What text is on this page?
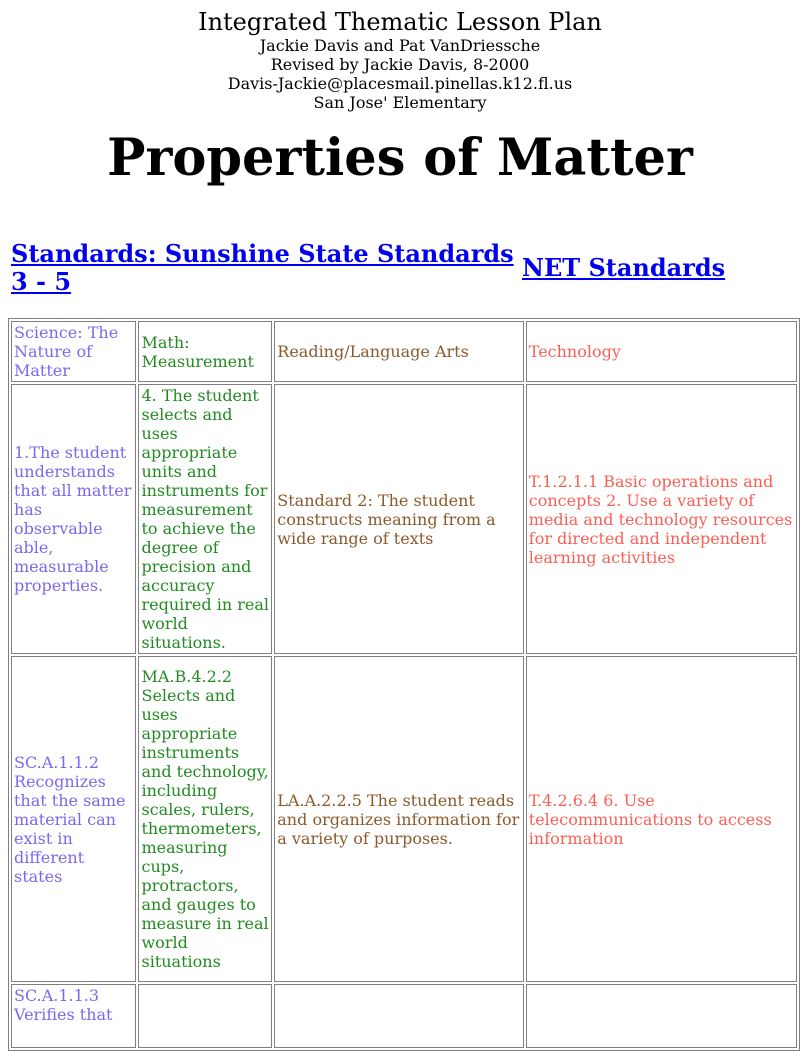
Integrated Thematic Lesson Plan
Jackie Davis and Pat VanDriessche
Revised by Jackie Davis, 8-2000
Davis-Jackie@placesmail.pinellas.k12.fl.us
San Jose' Elementary
Properties of Matter
Standards: Sunshine State Standards 3 - 5	NET Standards
Science: The Nature of Matter	Math: Measurement	Reading/Language Arts	Technology
1.The student understands that all matter has observable able, measurable properties.	4. The student selects and uses appropriate units and instruments for measurement to achieve the degree of precision and accuracy required in real world situations.	Standard 2: The student constructs meaning from a wide range of texts	T.1.2.1.1 Basic operations and concepts 2. Use a variety of media and technology resources for directed and independent learning activities
SC.A.1.1.2 Recognizes that the same material can exist in different states	MA.B.4.2.2 Selects and uses appropriate instruments and technology, including scales, rulers, thermometers, measuring cups, protractors, and gauges to measure in real world situations	LA.A.2.2.5 The student reads and organizes information for a variety of purposes.	T.4.2.6.4 6. Use telecommunications to access information
SC.A.1.1.3 Verifies that			
